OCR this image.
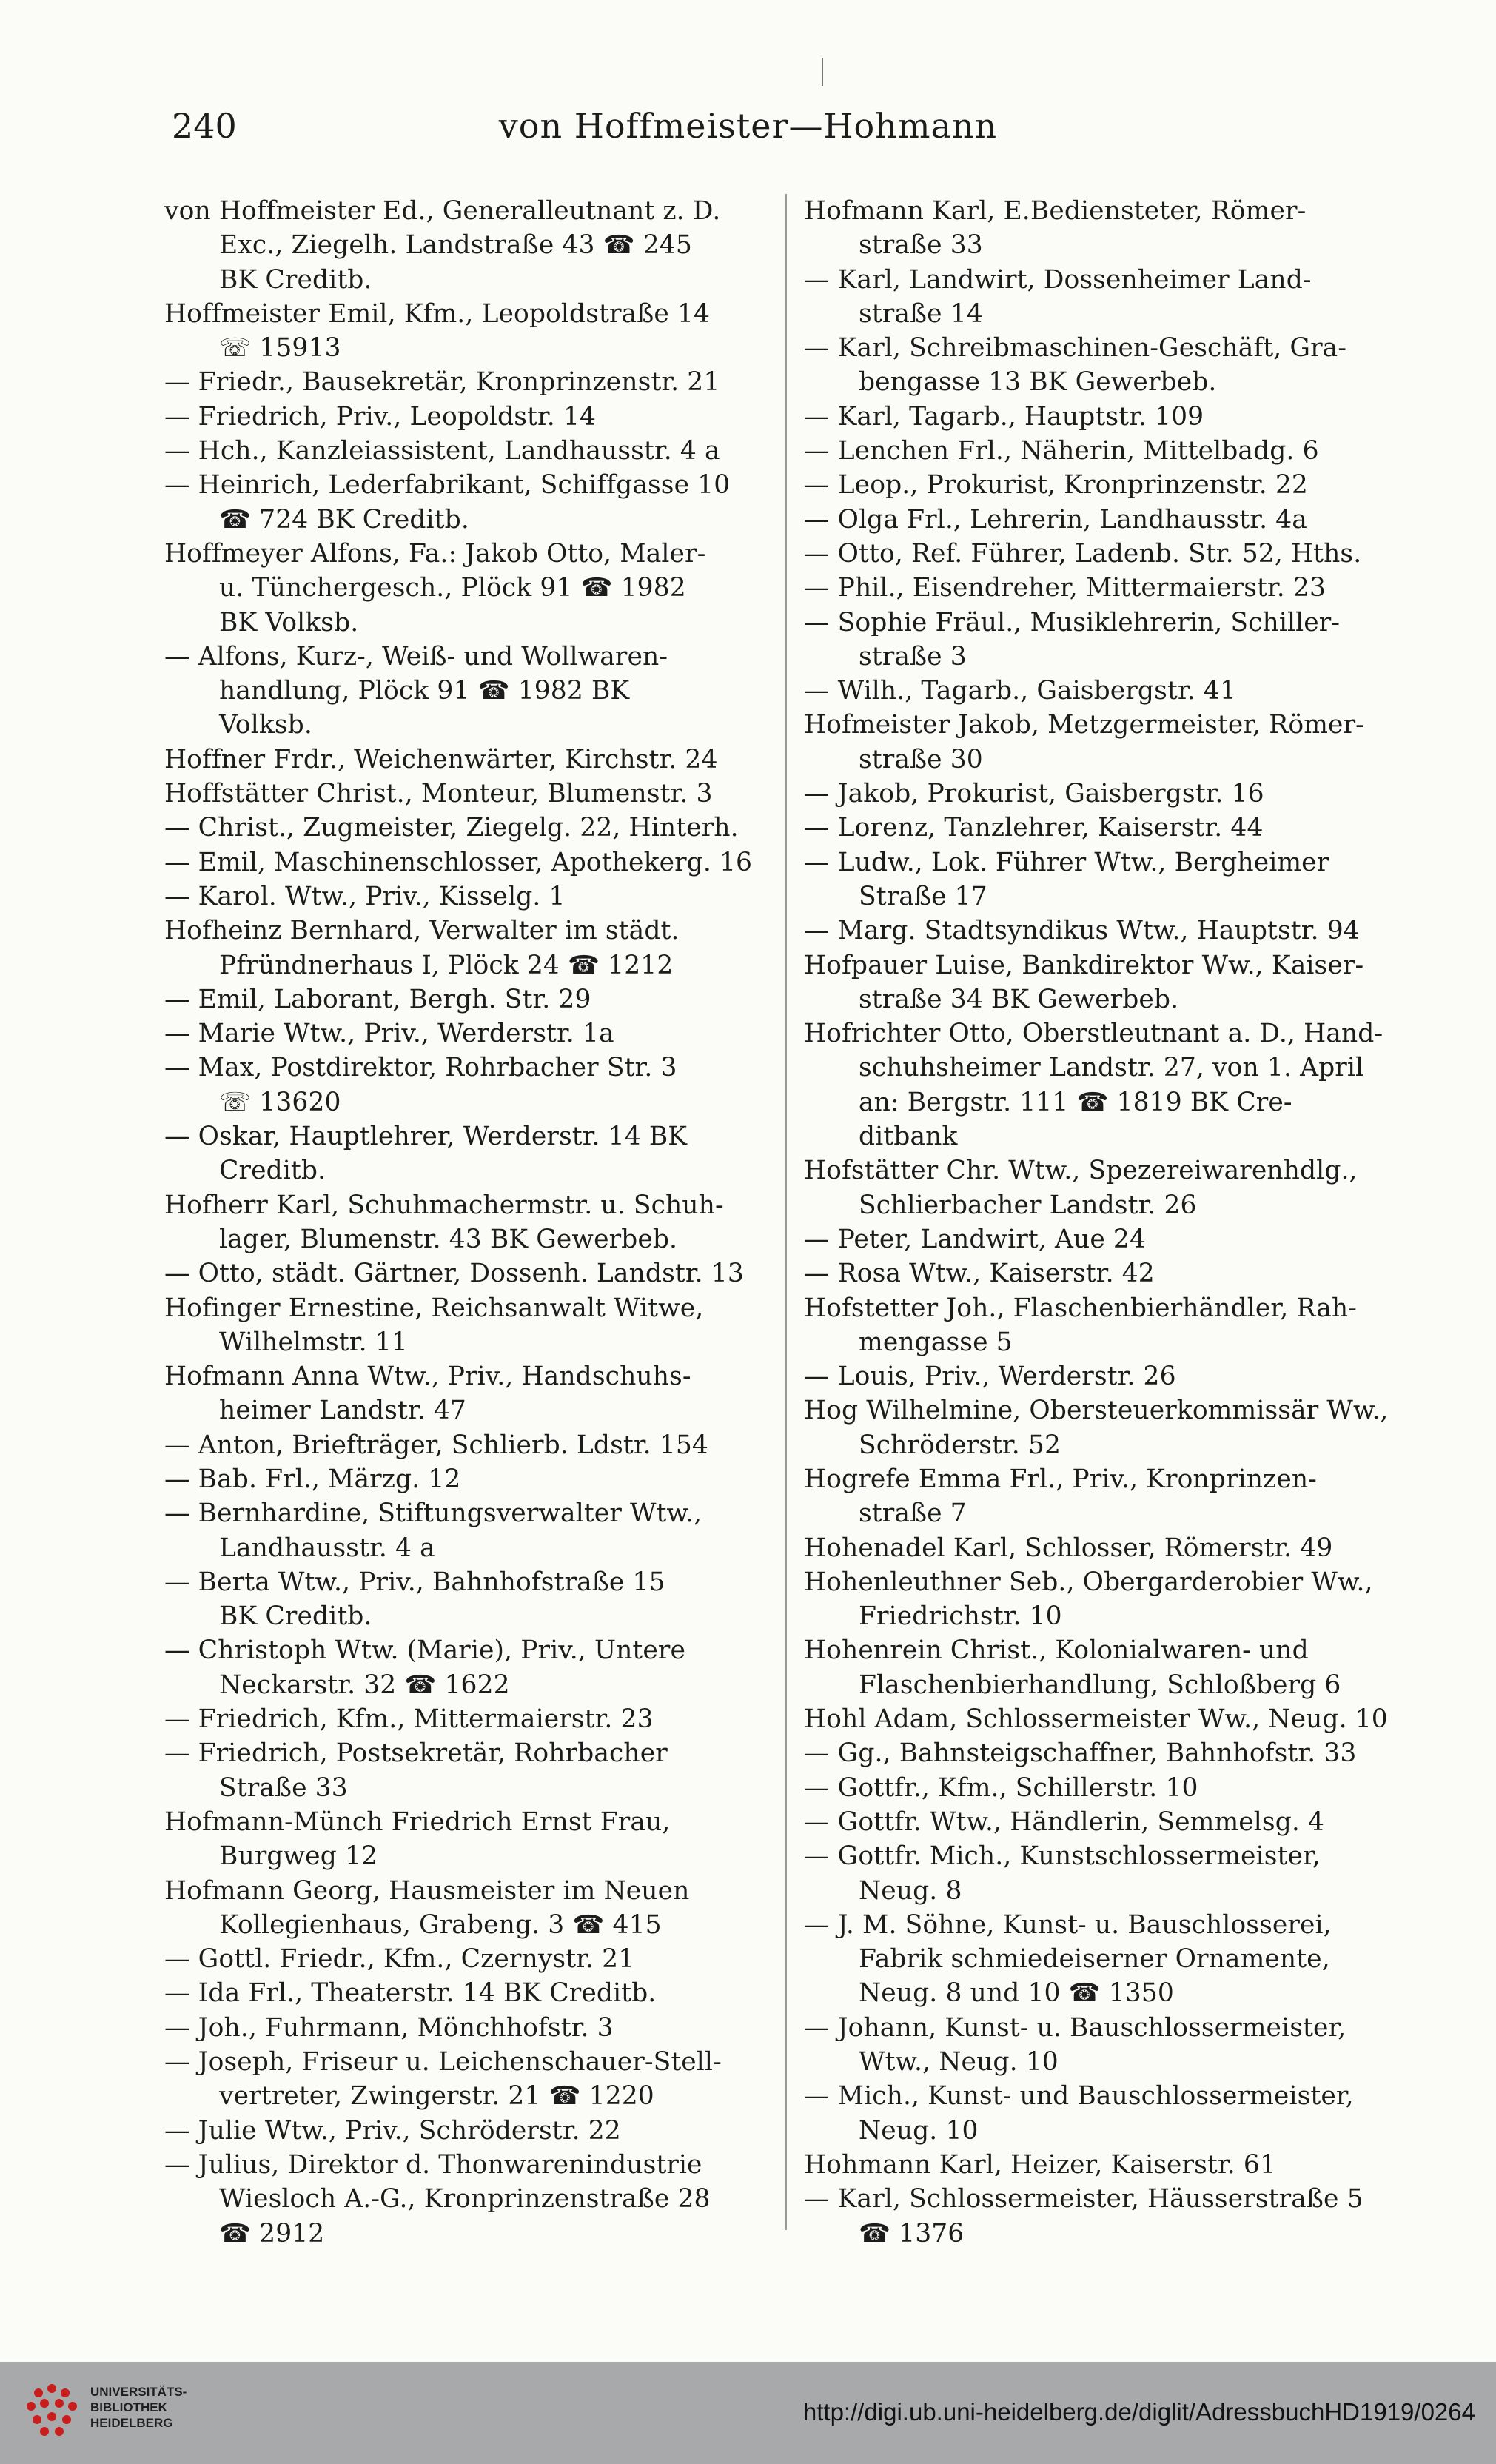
240	von Hoffmeister—Hohmann
von Hoffmeister Ed., Generalleutnant z. D.
Exc., Ziegelh. Landstraße 43 ☎ 245
BK Creditb.
Hoffmeister Emil, Kfm., Leopoldstraße 14
☏ 15913
— Friedr., Bausekretär, Kronprinzenstr. 21
— Friedrich, Priv., Leopoldstr. 14
— Hch., Kanzleiassistent, Landhausstr. 4 a
— Heinrich, Lederfabrikant, Schiffgasse 10
☎ 724 BK Creditb.
Hoffmeyer Alfons, Fa.: Jakob Otto, Maler-
u. Tünchergesch., Plöck 91 ☎ 1982
BK Volksb.
— Alfons, Kurz-, Weiß- und Wollwaren-
handlung, Plöck 91 ☎ 1982 BK
Volksb.
Hoffner Frdr., Weichenwärter, Kirchstr. 24
Hoffstätter Christ., Monteur, Blumenstr. 3
— Christ., Zugmeister, Ziegelg. 22, Hinterh.
— Emil, Maschinenschlosser, Apothekerg. 16
— Karol. Wtw., Priv., Kisselg. 1
Hofheinz Bernhard, Verwalter im städt.
Pfründnerhaus I, Plöck 24 ☎ 1212
— Emil, Laborant, Bergh. Str. 29
— Marie Wtw., Priv., Werderstr. 1a
— Max, Postdirektor, Rohrbacher Str. 3
☏ 13620
— Oskar, Hauptlehrer, Werderstr. 14 BK
Creditb.
Hofherr Karl, Schuhmachermstr. u. Schuh-
lager, Blumenstr. 43 BK Gewerbeb.
— Otto, städt. Gärtner, Dossenh. Landstr. 13
Hofinger Ernestine, Reichsanwalt Witwe,
Wilhelmstr. 11
Hofmann Anna Wtw., Priv., Handschuhs-
heimer Landstr. 47
— Anton, Briefträger, Schlierb. Ldstr. 154
— Bab. Frl., Märzg. 12
— Bernhardine, Stiftungsverwalter Wtw.,
Landhausstr. 4 a
— Berta Wtw., Priv., Bahnhofstraße 15
BK Creditb.
— Christoph Wtw. (Marie), Priv., Untere
Neckarstr. 32 ☎ 1622
— Friedrich, Kfm., Mittermaierstr. 23
— Friedrich, Postsekretär, Rohrbacher
Straße 33
Hofmann-Münch Friedrich Ernst Frau,
Burgweg 12
Hofmann Georg, Hausmeister im Neuen
Kollegienhaus, Grabeng. 3 ☎ 415
— Gottl. Friedr., Kfm., Czernystr. 21
— Ida Frl., Theaterstr. 14 BK Creditb.
— Joh., Fuhrmann, Mönchhofstr. 3
— Joseph, Friseur u. Leichenschauer-Stell-
vertreter, Zwingerstr. 21 ☎ 1220
— Julie Wtw., Priv., Schröderstr. 22
— Julius, Direktor d. Thonwarenindustrie
Wiesloch A.-G., Kronprinzenstraße 28
☎ 2912
Hofmann Karl, E.Bediensteter, Römer-
straße 33
— Karl, Landwirt, Dossenheimer Land-
straße 14
— Karl, Schreibmaschinen-Geschäft, Gra-
bengasse 13 BK Gewerbeb.
— Karl, Tagarb., Hauptstr. 109
— Lenchen Frl., Näherin, Mittelbadg. 6
— Leop., Prokurist, Kronprinzenstr. 22
— Olga Frl., Lehrerin, Landhausstr. 4a
— Otto, Ref. Führer, Ladenb. Str. 52, Hths.
— Phil., Eisendreher, Mittermaierstr. 23
— Sophie Fräul., Musiklehrerin, Schiller-
straße 3
— Wilh., Tagarb., Gaisbergstr. 41
Hofmeister Jakob, Metzgermeister, Römer-
straße 30
— Jakob, Prokurist, Gaisbergstr. 16
— Lorenz, Tanzlehrer, Kaiserstr. 44
— Ludw., Lok. Führer Wtw., Bergheimer
Straße 17
— Marg. Stadtsyndikus Wtw., Hauptstr. 94
Hofpauer Luise, Bankdirektor Ww., Kaiser-
straße 34 BK Gewerbeb.
Hofrichter Otto, Oberstleutnant a. D., Hand-
schuhsheimer Landstr. 27, von 1. April
an: Bergstr. 111 ☎ 1819 BK Cre-
ditbank
Hofstätter Chr. Wtw., Spezereiwarenhdlg.,
Schlierbacher Landstr. 26
— Peter, Landwirt, Aue 24
— Rosa Wtw., Kaiserstr. 42
Hofstetter Joh., Flaschenbierhändler, Rah-
mengasse 5
— Louis, Priv., Werderstr. 26
Hog Wilhelmine, Obersteuerkommissär Ww.,
Schröderstr. 52
Hogrefe Emma Frl., Priv., Kronprinzen-
straße 7
Hohenadel Karl, Schlosser, Römerstr. 49
Hohenleuthner Seb., Obergarderobier Ww.,
Friedrichstr. 10
Hohenrein Christ., Kolonialwaren- und
Flaschenbierhandlung, Schloßberg 6
Hohl Adam, Schlossermeister Ww., Neug. 10
— Gg., Bahnsteigschaffner, Bahnhofstr. 33
— Gottfr., Kfm., Schillerstr. 10
— Gottfr. Wtw., Händlerin, Semmelsg. 4
— Gottfr. Mich., Kunstschlossermeister,
Neug. 8
— J. M. Söhne, Kunst- u. Bauschlosserei,
Fabrik schmiedeiserner Ornamente,
Neug. 8 und 10 ☎ 1350
— Johann, Kunst- u. Bauschlossermeister,
Wtw., Neug. 10
— Mich., Kunst- und Bauschlossermeister,
Neug. 10
Hohmann Karl, Heizer, Kaiserstr. 61
— Karl, Schlossermeister, Häusserstraße 5
☎ 1376
UNIVERSITÄTS-
BIBLIOTHEK
HEIDELBERG	http://digi.ub.uni-heidelberg.de/diglit/AdressbuchHD1919/0264
